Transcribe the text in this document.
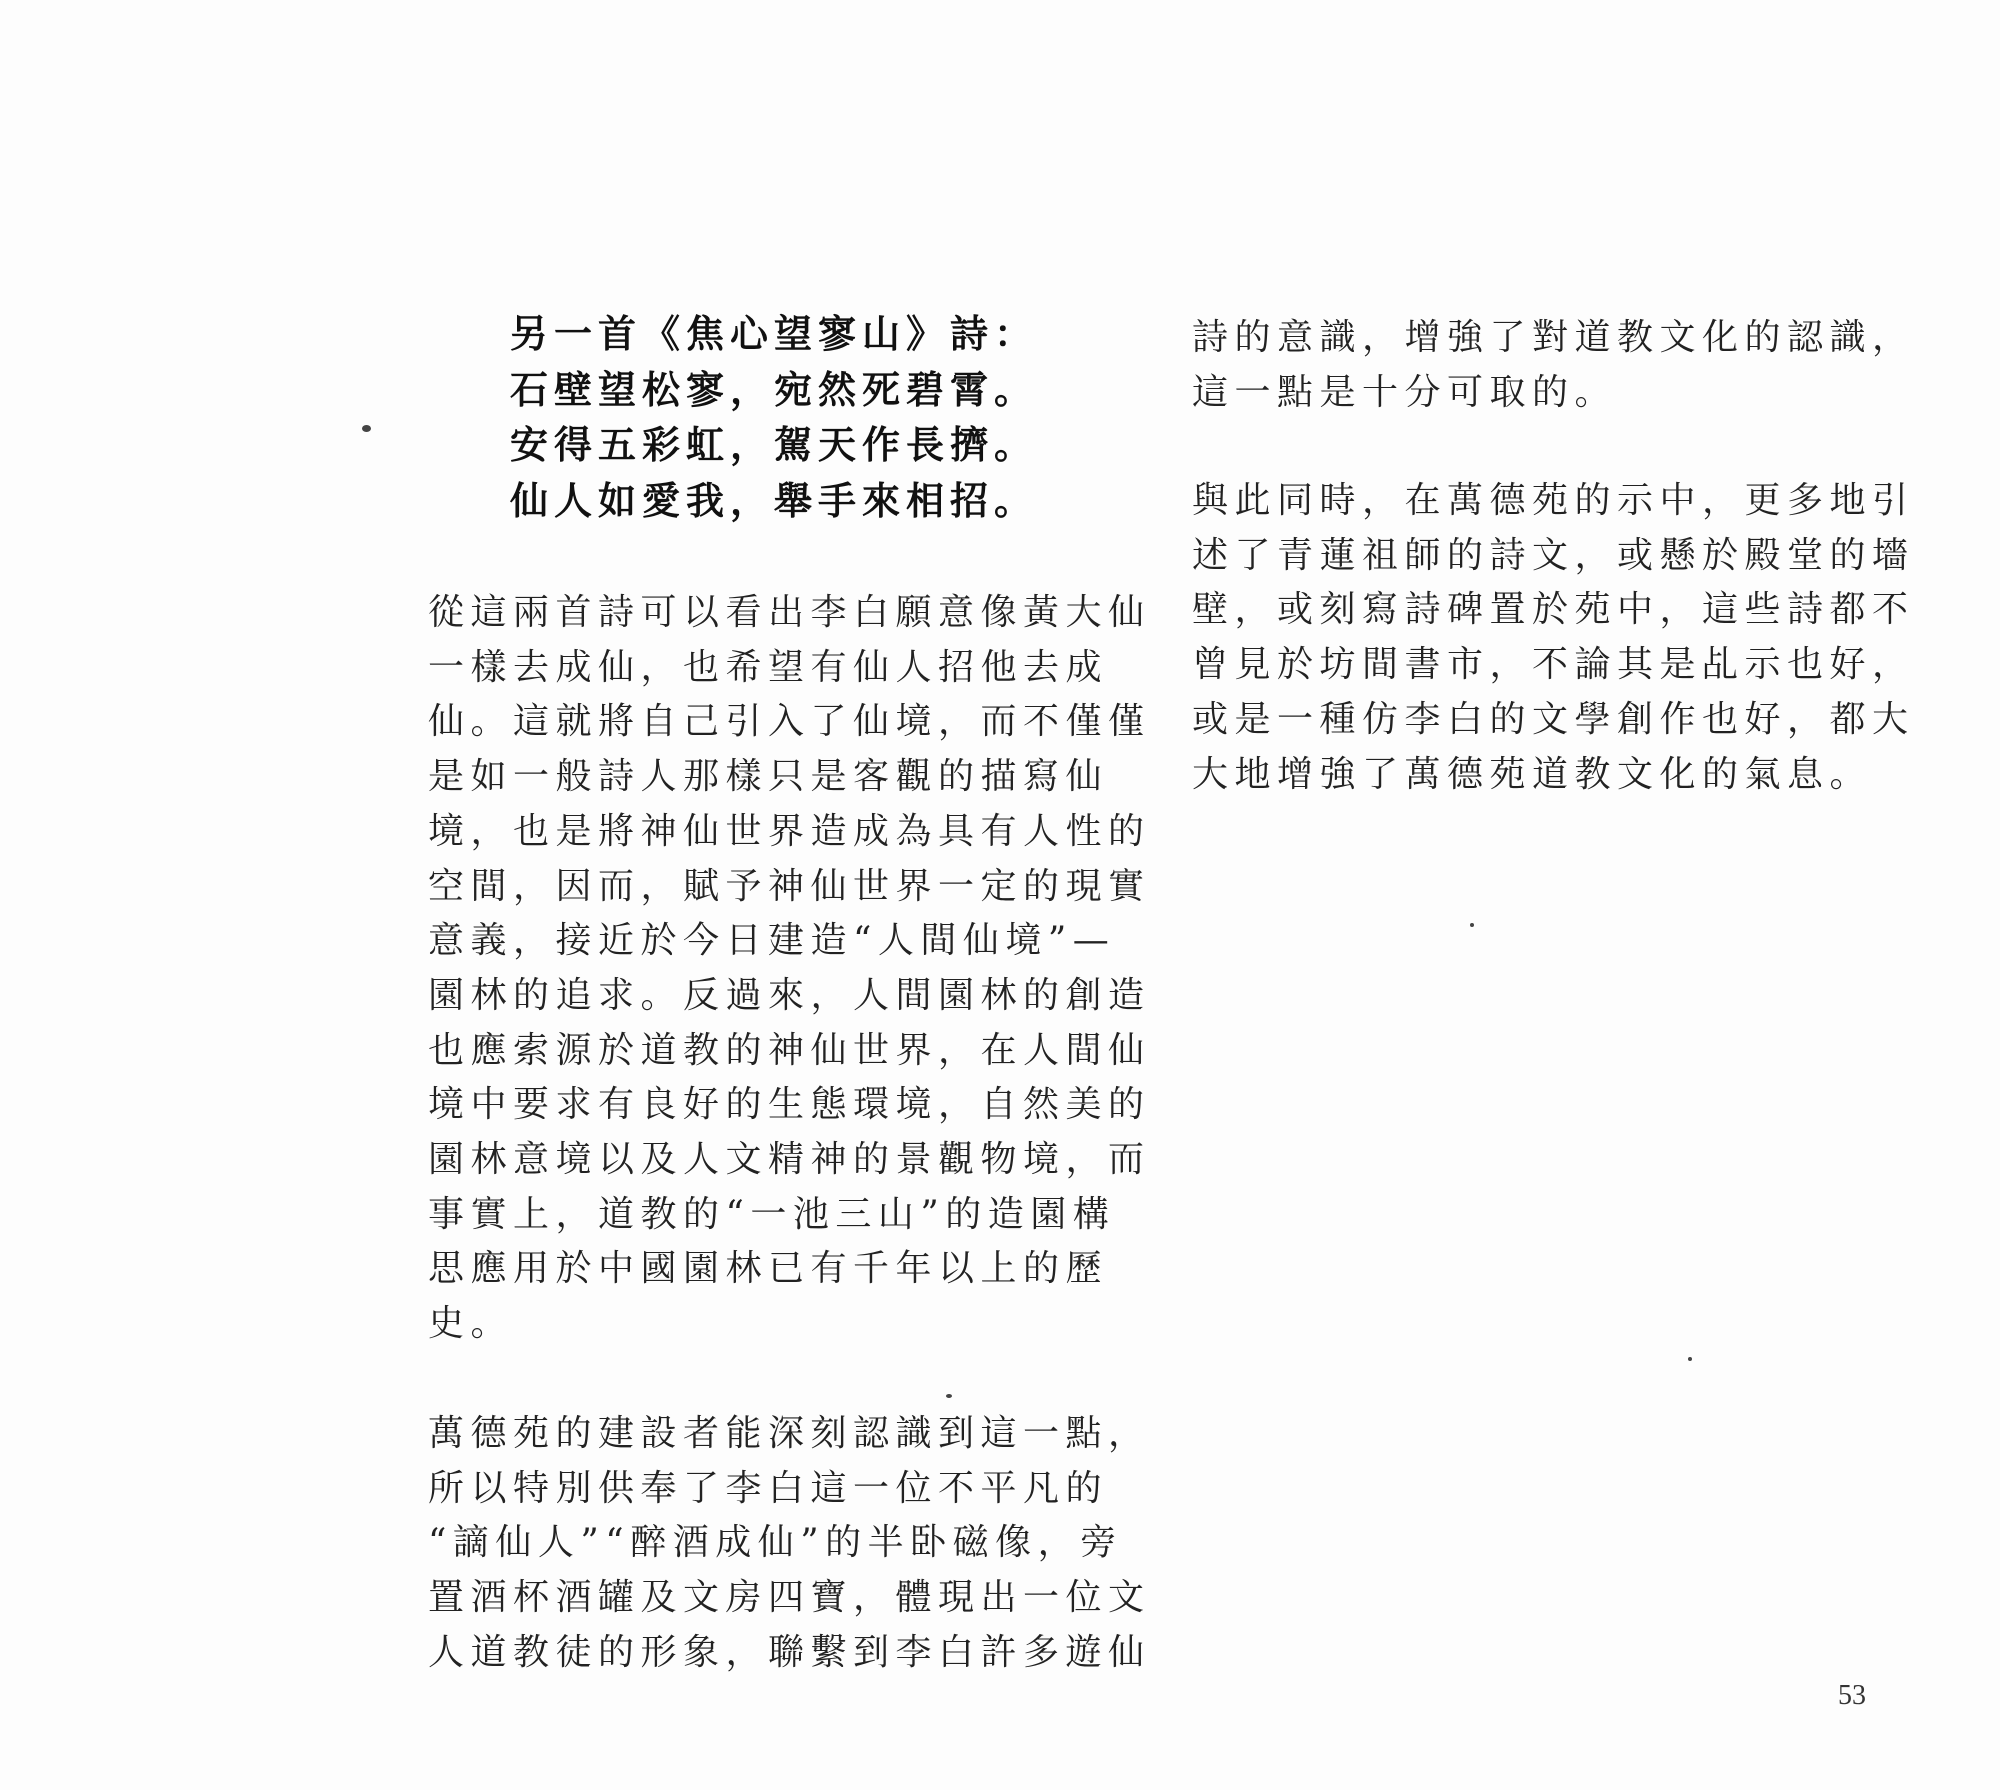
另一首《焦心望寥山》詩：
石壁望松寥，宛然死碧霄。
安得五彩虹，駕天作長擠。
仙人如愛我，舉手來相招。
從這兩首詩可以看出李白願意像黃大仙
一樣去成仙，也希望有仙人招他去成
仙。這就將自己引入了仙境，而不僅僅
是如一般詩人那樣只是客觀的描寫仙
境，也是將神仙世界造成為具有人性的
空間，因而，賦予神仙世界一定的現實
意義，接近於今日建造“人間仙境”—
園林的追求。反過來，人間園林的創造
也應索源於道教的神仙世界，在人間仙
境中要求有良好的生態環境，自然美的
園林意境以及人文精神的景觀物境，而
事實上，道教的“一池三山”的造園構
思應用於中國園林已有千年以上的歷
史。
萬德苑的建設者能深刻認識到這一點，
所以特別供奉了李白這一位不平凡的
“謫仙人”“醉酒成仙”的半卧磁像，旁
置酒杯酒罐及文房四寶，體現出一位文
人道教徒的形象，聯繫到李白許多遊仙
詩的意識，增強了對道教文化的認識，
這一點是十分可取的。
與此同時，在萬德苑的示中，更多地引
述了青蓮祖師的詩文，或懸於殿堂的墻
壁，或刻寫詩碑置於苑中，這些詩都不
曾見於坊間書市，不論其是乩示也好，
或是一種仿李白的文學創作也好，都大
大地增強了萬德苑道教文化的氣息。
53
